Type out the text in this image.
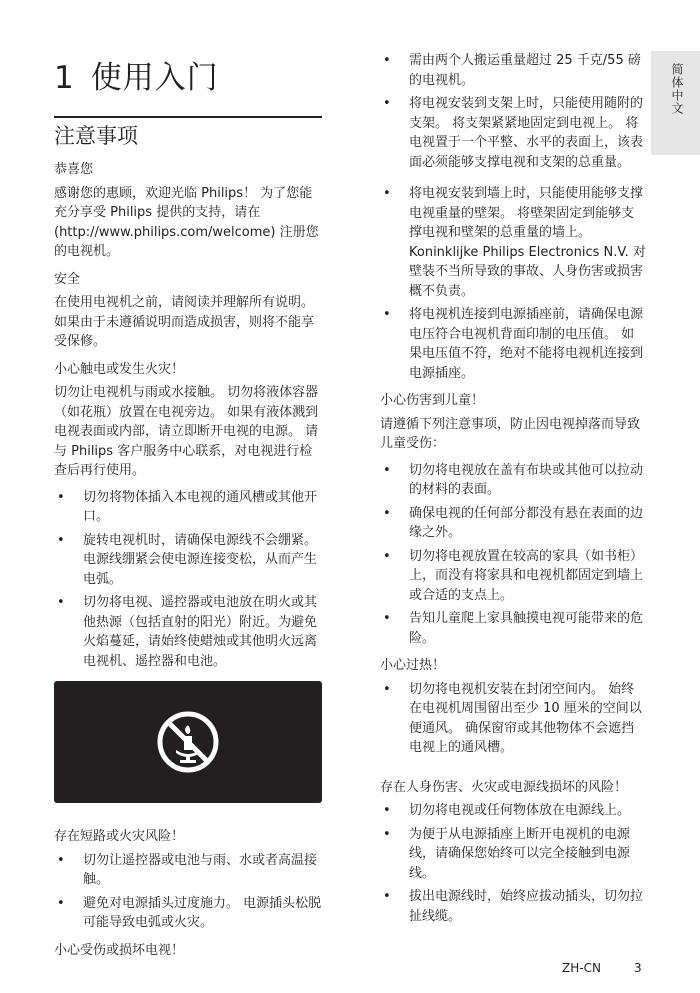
1 使用入门
注意事项
恭喜您

感谢您的惠顾，欢迎光临 Philips！ 为了您能充分享受 Philips 提供的支持，请在 (http://www.philips.com/welcome) 注册您的电视机。

安全

在使用电视机之前，请阅读并理解所有说明。 如果由于未遵循说明而造成损害，则将不能享受保修。

小心触电或发生火灾！

切勿让电视机与雨或水接触。 切勿将液体容器（如花瓶）放置在电视旁边。 如果有液体溅到电视表面或内部，请立即断开电视的电源。 请与 Philips 客户服务中心联系，对电视进行检查后再行使用。

• 切勿将物体插入本电视的通风槽或其他开口。
• 旋转电视机时，请确保电源线不会绷紧。 电源线绷紧会使电源连接变松，从而产生电弧。
• 切勿将电视、遥控器或电池放在明火或其他热源（包括直射的阳光）附近。为避免火焰蔓延，请始终使蜡烛或其他明火远离电视机、遥控器和电池。
存在短路或火灾风险！
• 切勿让遥控器或电池与雨、水或者高温接触。
• 避免对电源插头过度施力。 电源插头松脱可能导致电弧或火灾。
小心受伤或损坏电视！
• 需由两个人搬运重量超过 25 千克/55 磅的电视机。
• 将电视安装到支架上时，只能使用随附的支架。 将支架紧紧地固定到电视上。 将电视置于一个平整、水平的表面上，该表面必须能够支撑电视和支架的总重量。
• 将电视安装到墙上时，只能使用能够支撑电视重量的壁架。 将壁架固定到能够支撑电视和壁架的总重量的墙上。 Koninklijke Philips Electronics N.V. 对壁装不当所导致的事故、人身伤害或损害概不负责。
• 将电视机连接到电源插座前，请确保电源电压符合电视机背面印制的电压值。 如果电压值不符，绝对不能将电视机连接到电源插座。
小心伤害到儿童！

请遵循下列注意事项，防止因电视掉落而导致儿童受伤：

• 切勿将电视放在盖有布块或其他可以拉动的材料的表面。
• 确保电视的任何部分都没有悬在表面的边缘之外。
• 切勿将电视放置在较高的家具（如书柜）上，而没有将家具和电视机都固定到墙上或合适的支点上。
• 告知儿童爬上家具触摸电视可能带来的危险。
小心过热！
• 切勿将电视机安装在封闭空间内。 始终在电视机周围留出至少 10 厘米的空间以便通风。 确保窗帘或其他物体不会遮挡电视上的通风槽。
存在人身伤害、火灾或电源线损坏的风险！
• 切勿将电视或任何物体放在电源线上。
• 为便于从电源插座上断开电视机的电源线，请确保您始终可以完全接触到电源线。
• 拔出电源线时，始终应拔动插头，切勿拉扯线缆。
简体中文
ZH-CN	3
